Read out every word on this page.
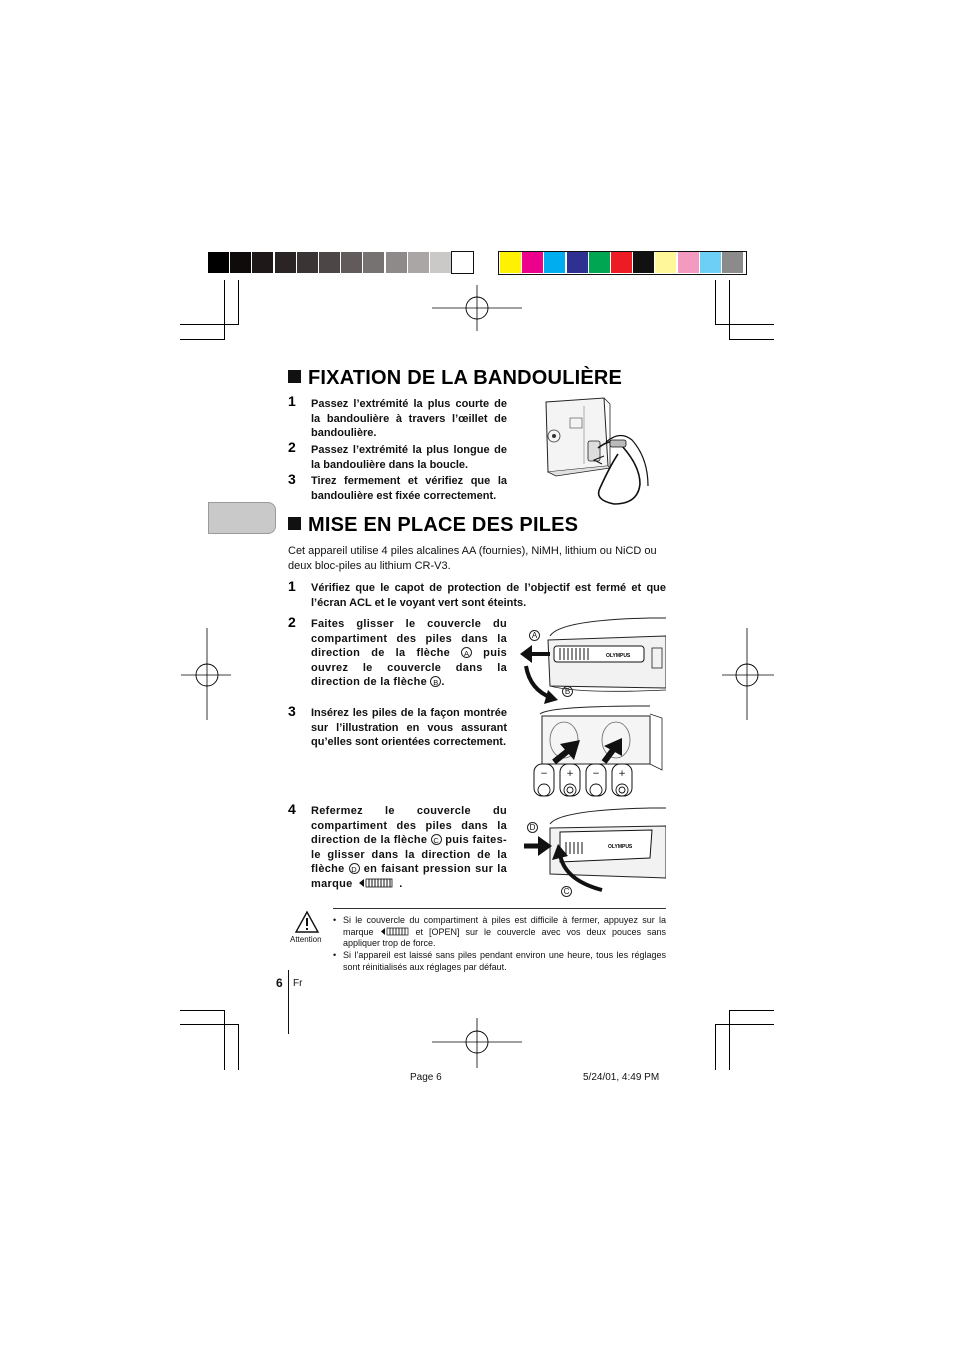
FIXATION DE LA BANDOULIÈRE
1 Passez l’extrémité la plus courte de la bandoulière à travers l’œillet de bandoulière.
2 Passez l’extrémité la plus longue de la bandoulière dans la boucle.
3 Tirez fermement et vérifiez que la bandoulière est fixée correctement.
MISE EN PLACE DES PILES
Cet appareil utilise 4 piles alcalines AA (fournies), NiMH, lithium ou NiCD ou deux bloc-piles au lithium CR-V3.
1 Vérifiez que le capot de protection de l’objectif est fermé et que l’écran ACL et le voyant vert sont éteints.
2 Faites glisser le couvercle du compartiment des piles dans la direction de la flèche A puis ouvrez le couvercle dans la direction de la flèche B .
3 Insérez les piles de la façon montrée sur l’illustration en vous assurant qu’elles sont orientées correctement.
4 Refermez le couvercle du compartiment des piles dans la direction de la flèche C puis faites-le glisser dans la direction de la flèche D en faisant pression sur la marque	.
A
B
OLYMPUS
− + − +
D
C
OLYMPUS
Attention
• Si le couvercle du compartiment à piles est difficile à fermer, appuyez sur la marque	et [OPEN] sur le couvercle avec vos deux pouces sans appliquer trop de force.
• Si l’appareil est laissé sans piles pendant environ une heure, tous les réglages sont réinitialisés aux réglages par défaut.
6 Fr
Page 6	5/24/01, 4:49 PM
